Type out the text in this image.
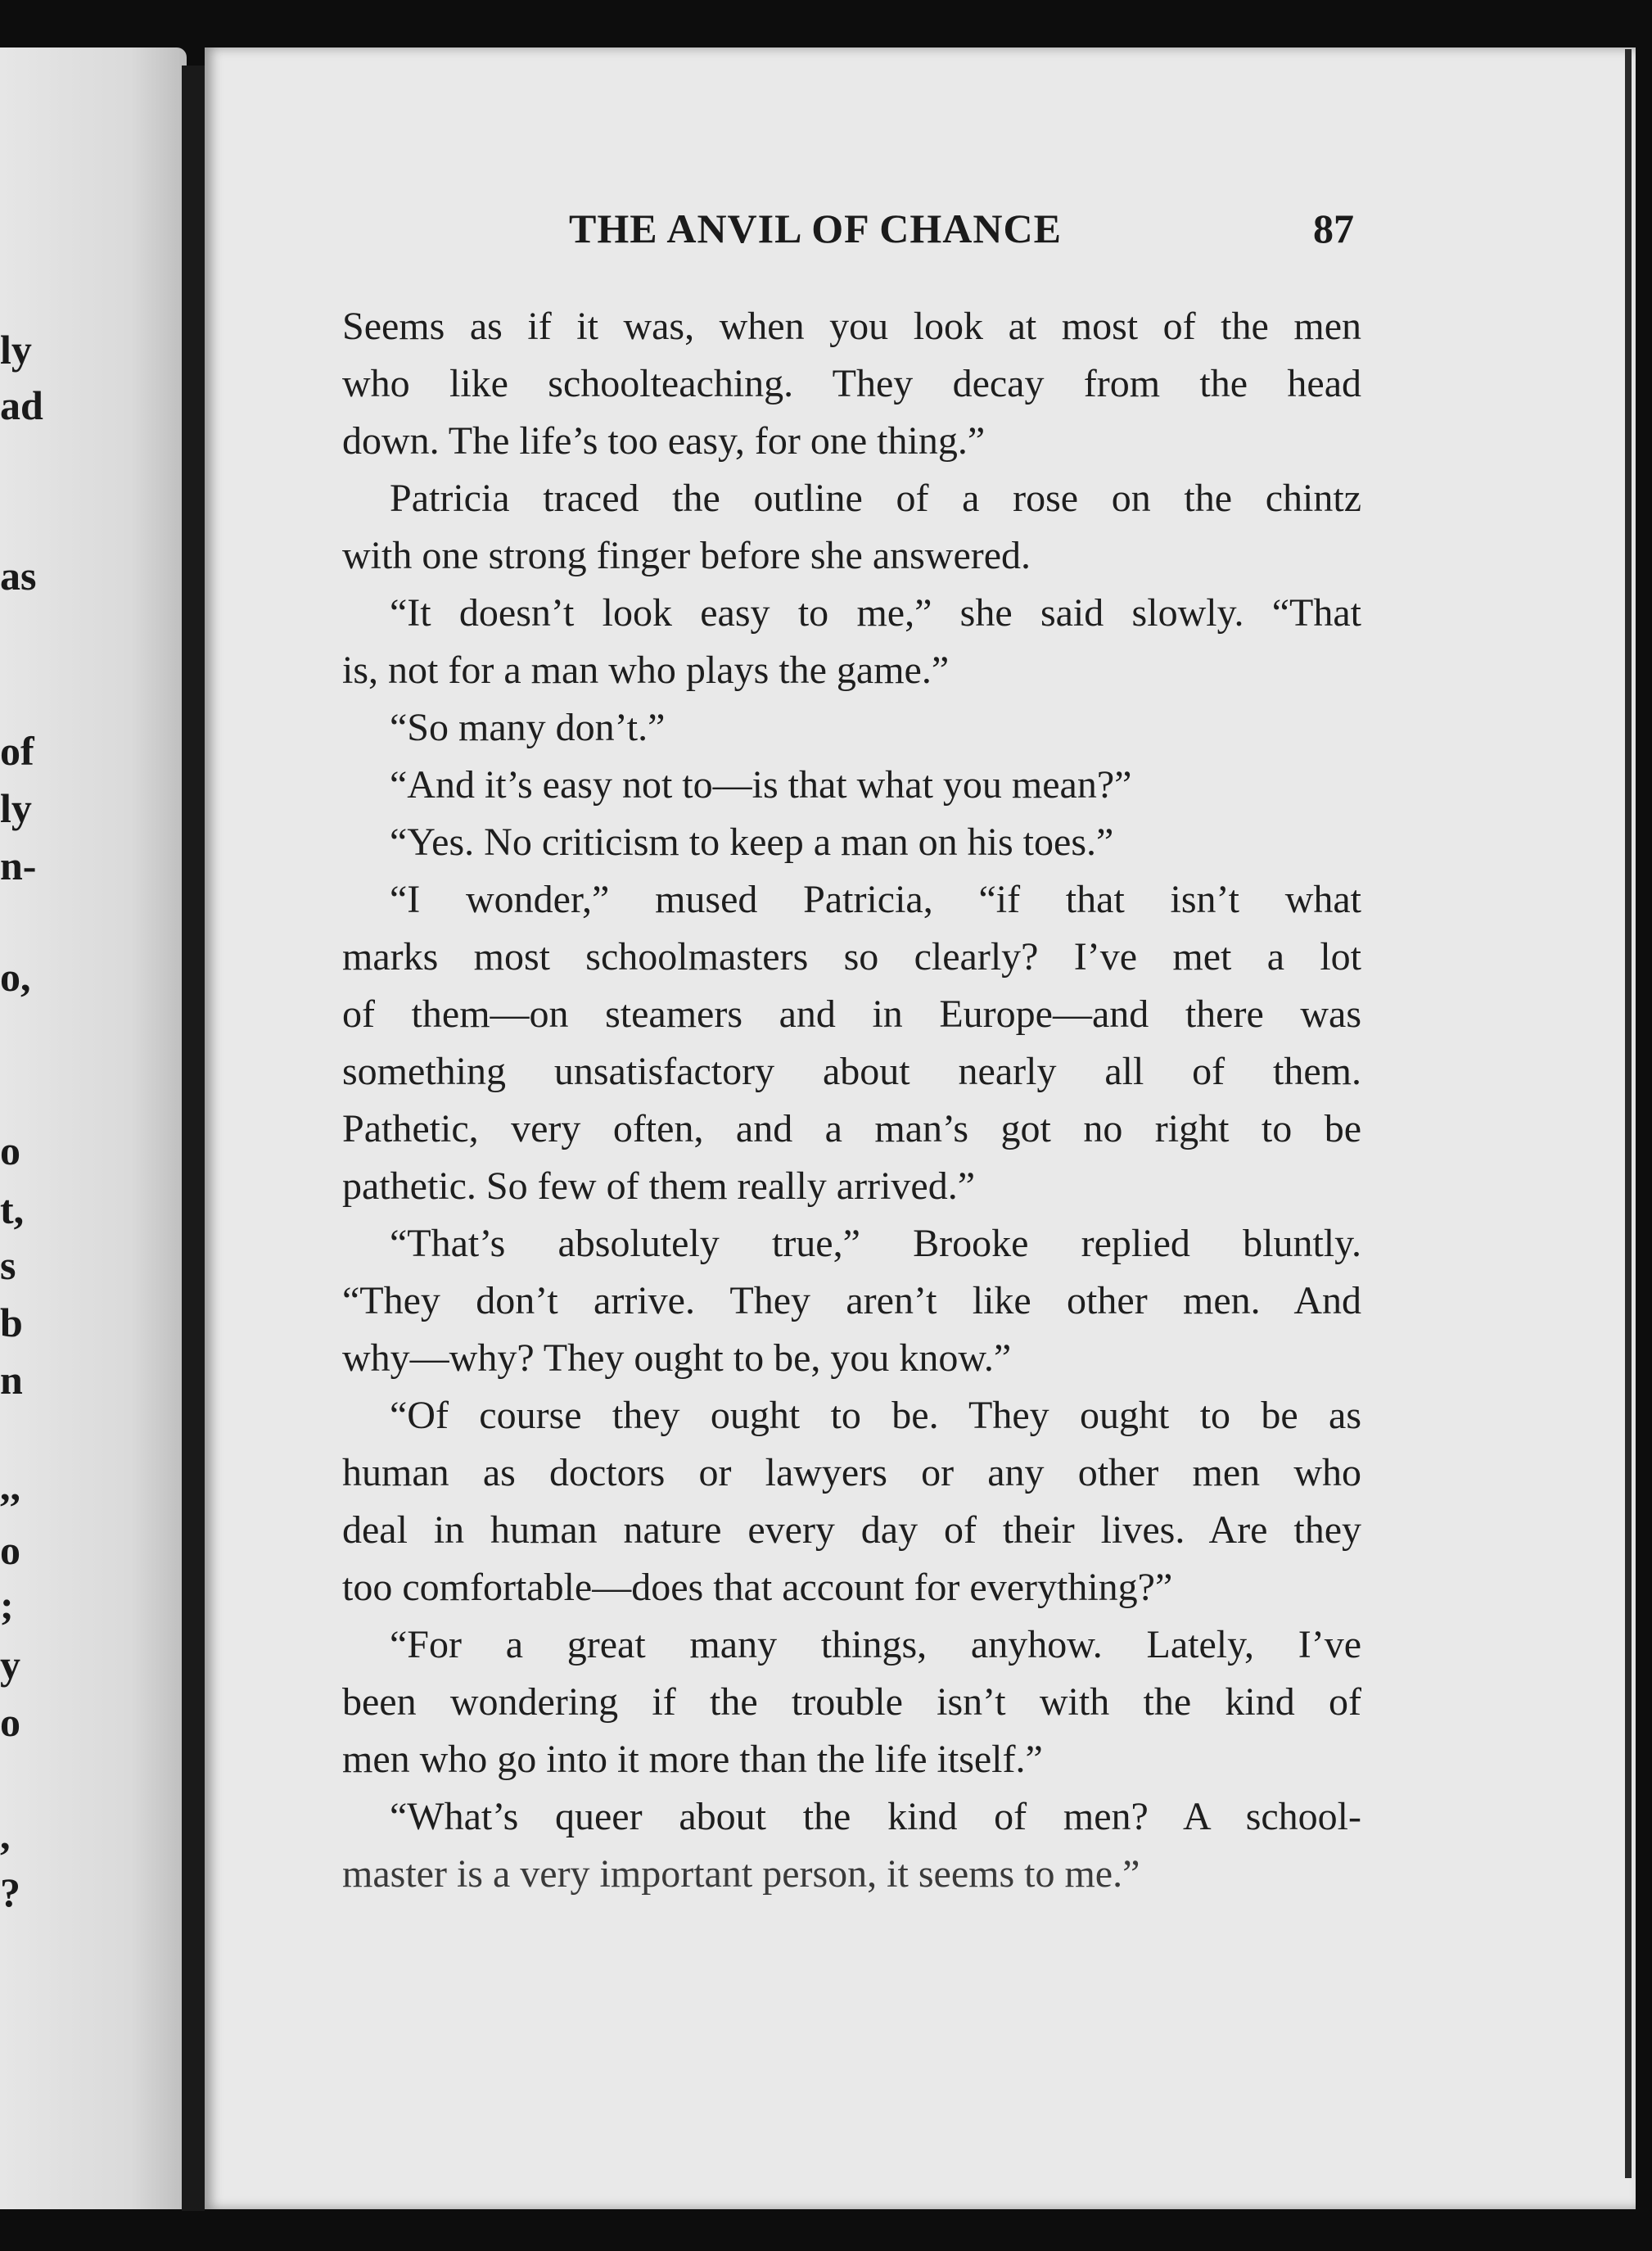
ly
ad
as
of
ly
n-
o,
o
t,
s
b
n
,,
o
;
y
o
,
?
THE ANVIL OF CHANCE	87
Seems as if it was, when you look at most of the men
who like schoolteaching. They decay from the head
down. The life’s too easy, for one thing.”
Patricia traced the outline of a rose on the chintz
with one strong finger before she answered.
“It doesn’t look easy to me,” she said slowly. “That
is, not for a man who plays the game.”
“So many don’t.”
“And it’s easy not to—is that what you mean?”
“Yes. No criticism to keep a man on his toes.”
“I wonder,” mused Patricia, “if that isn’t what
marks most schoolmasters so clearly? I’ve met a lot
of them—on steamers and in Europe—and there was
something unsatisfactory about nearly all of them.
Pathetic, very often, and a man’s got no right to be
pathetic. So few of them really arrived.”
“That’s absolutely true,” Brooke replied bluntly.
“They don’t arrive. They aren’t like other men. And
why—why? They ought to be, you know.”
“Of course they ought to be. They ought to be as
human as doctors or lawyers or any other men who
deal in human nature every day of their lives. Are they
too comfortable—does that account for everything?”
“For a great many things, anyhow. Lately, I’ve
been wondering if the trouble isn’t with the kind of
men who go into it more than the life itself.”
“What’s queer about the kind of men? A school-
master is a very important person, it seems to me.”
